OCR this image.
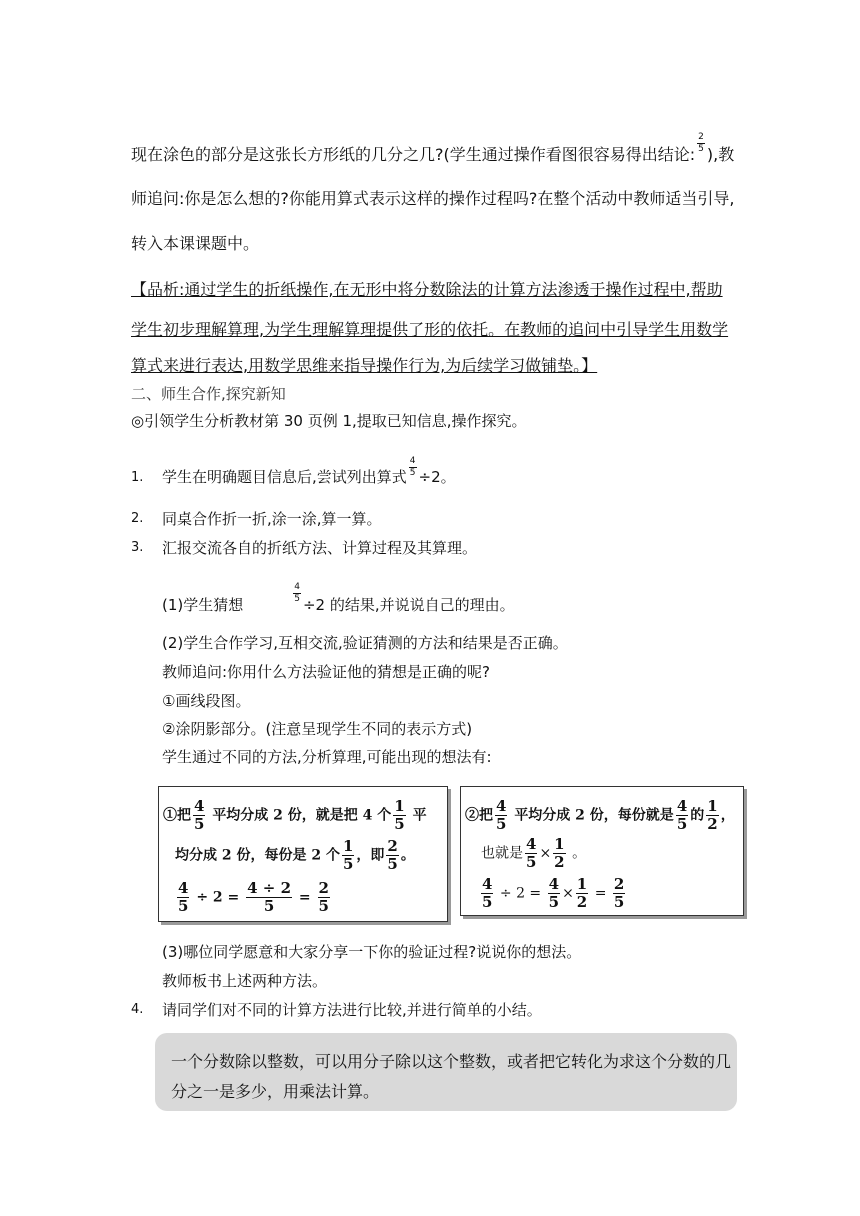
现在涂色的部分是这张长方形纸的几分之几?(学生通过操作看图很容易得出结论:
$\frac{2}{5}$
),教
师追问:你是怎么想的?你能用算式表示这样的操作过程吗?在整个活动中教师适当引导,
转入本课课题中。
【品析:通过学生的折纸操作,在无形中将分数除法的计算方法渗透于操作过程中,帮助
学生初步理解算理,为学生理解算理提供了形的依托。在教师的追问中引导学生用数学
算式来进行表达,用数学思维来指导操作行为,为后续学习做铺垫。】
二、师生合作,探究新知
◎引领学生分析教材第 30 页例 1,提取已知信息,操作探究。
1. 学生在明确题目信息后,尝试列出算式 $\frac{4}{5} \div 2$。
2. 同桌合作折一折,涂一涂,算一算。
3. 汇报交流各自的折纸方法、计算过程及其算理。
(1)学生猜想
$\frac{4}{5}$
÷2 的结果,并说说自己的理由。
(2)学生合作学习,互相交流,验证猜测的方法和结果是否正确。
教师追问:你用什么方法验证他的猜想是正确的呢?
①画线段图。
②涂阴影部分。(注意呈现学生不同的表示方式)
学生通过不同的方法,分析算理,可能出现的想法有:
①把 $\frac{4}{5}$ 平均分成 2 份，就是把 4 个 $\frac{1}{5}$ 平
均分成 2 份，每份是 2 个 $\frac{1}{5}$ ，即 $\frac{2}{5}$ 。
$\frac{4}{5} \div 2 = \frac{4 \div 2}{5} = \frac{2}{5}$
②把 $\frac{4}{5}$ 平均分成 2 份，每份就是 $\frac{4}{5}$ 的 $\frac{1}{2}$ ，
也就是 $\frac{4}{5} \times \frac{1}{2}$ 。
$\frac{4}{5} \div 2 = \frac{4}{5} \times \frac{1}{2} = \frac{2}{5}$
(3)哪位同学愿意和大家分享一下你的验证过程?说说你的想法。
教师板书上述两种方法。
4. 请同学们对不同的计算方法进行比较,并进行简单的小结。
一个分数除以整数，可以用分子除以这个整数，或者把它转化为求这个分数的几
分之一是多少，用乘法计算。
